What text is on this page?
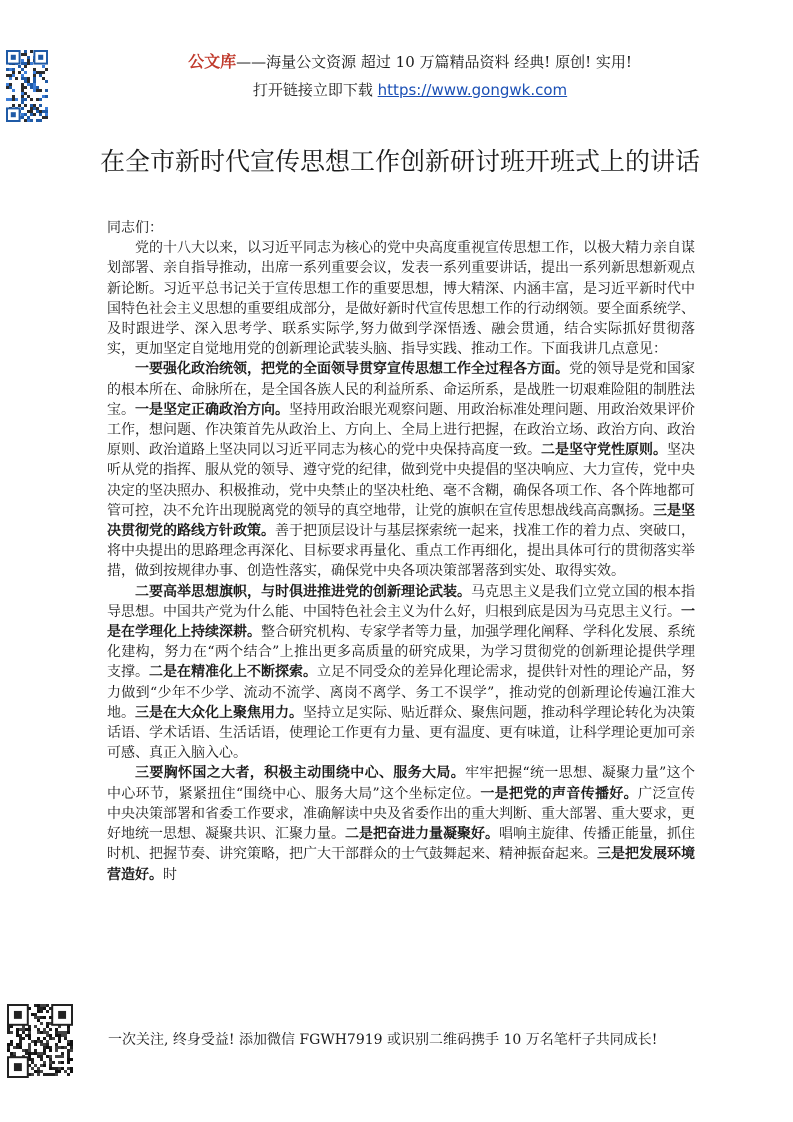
公文库——海量公文资源 超过 10 万篇精品资料 经典! 原创! 实用!
打开链接立即下载 https://www.gongwk.com
在全市新时代宣传思想工作创新研讨班开班式上的讲话

同志们：

党的十八大以来，以习近平同志为核心的党中央高度重视宣传思想工作，以极大精力亲自谋划部署、亲自指导推动，出席一系列重要会议，发表一系列重要讲话，提出一系列新思想新观点新论断。习近平总书记关于宣传思想工作的重要思想，博大精深、内涵丰富，是习近平新时代中国特色社会主义思想的重要组成部分，是做好新时代宣传思想工作的行动纲领。要全面系统学、及时跟进学、深入思考学、联系实际学,努力做到学深悟透、融会贯通，结合实际抓好贯彻落实，更加坚定自觉地用党的创新理论武装头脑、指导实践、推动工作。下面我讲几点意见：

一要强化政治统领，把党的全面领导贯穿宣传思想工作全过程各方面。党的领导是党和国家的根本所在、命脉所在，是全国各族人民的利益所系、命运所系，是战胜一切艰难险阻的制胜法宝。一是坚定正确政治方向。坚持用政治眼光观察问题、用政治标准处理问题、用政治效果评价工作，想问题、作决策首先从政治上、方向上、全局上进行把握，在政治立场、政治方向、政治原则、政治道路上坚决同以习近平同志为核心的党中央保持高度一致。二是坚守党性原则。坚决听从党的指挥、服从党的领导、遵守党的纪律，做到党中央提倡的坚决响应、大力宣传，党中央决定的坚决照办、积极推动，党中央禁止的坚决杜绝、毫不含糊，确保各项工作、各个阵地都可管可控，决不允许出现脱离党的领导的真空地带，让党的旗帜在宣传思想战线高高飘扬。三是坚决贯彻党的路线方针政策。善于把顶层设计与基层探索统一起来，找准工作的着力点、突破口，将中央提出的思路理念再深化、目标要求再量化、重点工作再细化，提出具体可行的贯彻落实举措，做到按规律办事、创造性落实，确保党中央各项决策部署落到实处、取得实效。

二要高举思想旗帜，与时俱进推进党的创新理论武装。马克思主义是我们立党立国的根本指导思想。中国共产党为什么能、中国特色社会主义为什么好，归根到底是因为马克思主义行。一是在学理化上持续深耕。整合研究机构、专家学者等力量，加强学理化阐释、学科化发展、系统化建构，努力在“两个结合”上推出更多高质量的研究成果，为学习贯彻党的创新理论提供学理支撑。二是在精准化上不断探索。立足不同受众的差异化理论需求，提供针对性的理论产品，努力做到“少年不少学、流动不流学、离岗不离学、务工不误学”，推动党的创新理论传遍江淮大地。三是在大众化上聚焦用力。坚持立足实际、贴近群众、聚焦问题，推动科学理论转化为决策话语、学术话语、生活话语，使理论工作更有力量、更有温度、更有味道，让科学理论更加可亲可感、真正入脑入心。

三要胸怀国之大者，积极主动围绕中心、服务大局。牢牢把握“统一思想、凝聚力量”这个中心环节，紧紧扭住“围绕中心、服务大局”这个坐标定位。一是把党的声音传播好。广泛宣传中央决策部署和省委工作要求，准确解读中央及省委作出的重大判断、重大部署、重大要求，更好地统一思想、凝聚共识、汇聚力量。二是把奋进力量凝聚好。唱响主旋律、传播正能量，抓住时机、把握节奏、讲究策略，把广大干部群众的士气鼓舞起来、精神振奋起来。三是把发展环境营造好。时

一次关注, 终身受益! 添加微信 FGWH7919 或识别二维码携手 10 万名笔杆子共同成长!
